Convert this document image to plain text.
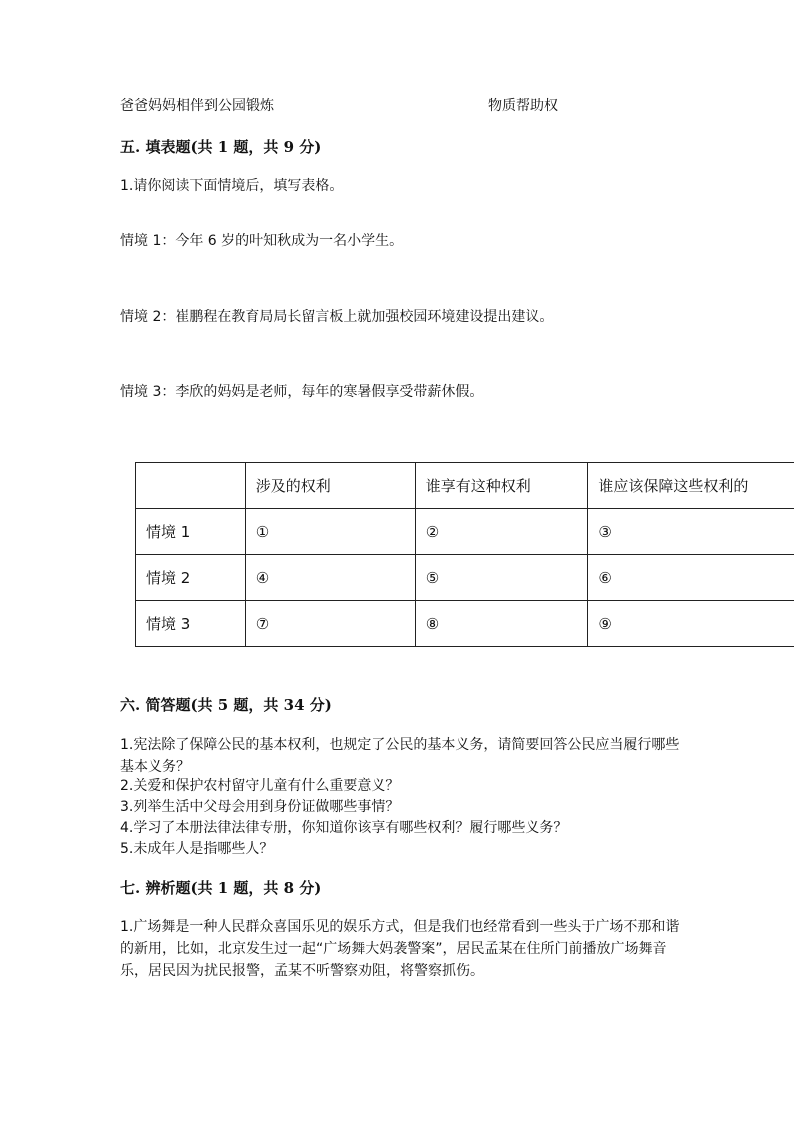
爸爸妈妈相伴到公园锻炼	物质帮助权
五. 填表题(共 1 题，共 9 分)
1.请你阅读下面情境后，填写表格。
情境 1：今年 6 岁的叶知秋成为一名小学生。
情境 2：崔鹏程在教育局局长留言板上就加强校园环境建设提出建议。
情境 3：李欣的妈妈是老师，每年的寒暑假享受带薪休假。
	涉及的权利	谁享有这种权利	谁应该保障这些权利的
情境 1	①	②	③
情境 2	④	⑤	⑥
情境 3	⑦	⑧	⑨
六. 简答题(共 5 题，共 34 分)
1.宪法除了保障公民的基本权利，也规定了公民的基本义务，请简要回答公民应当履行哪些基本义务？
2.关爱和保护农村留守儿童有什么重要意义？
3.列举生活中父母会用到身份证做哪些事情？
4.学习了本册法律法律专册，你知道你该享有哪些权利？履行哪些义务？
5.未成年人是指哪些人？
七. 辨析题(共 1 题，共 8 分)
1.广场舞是一种人民群众喜国乐见的娱乐方式，但是我们也经常看到一些头于广场不那和谐的新用，比如，北京发生过一起“广场舞大妈袭警案”，居民孟某在住所门前播放广场舞音乐，居民因为扰民报警，孟某不听警察劝阻，将警察抓伤。
